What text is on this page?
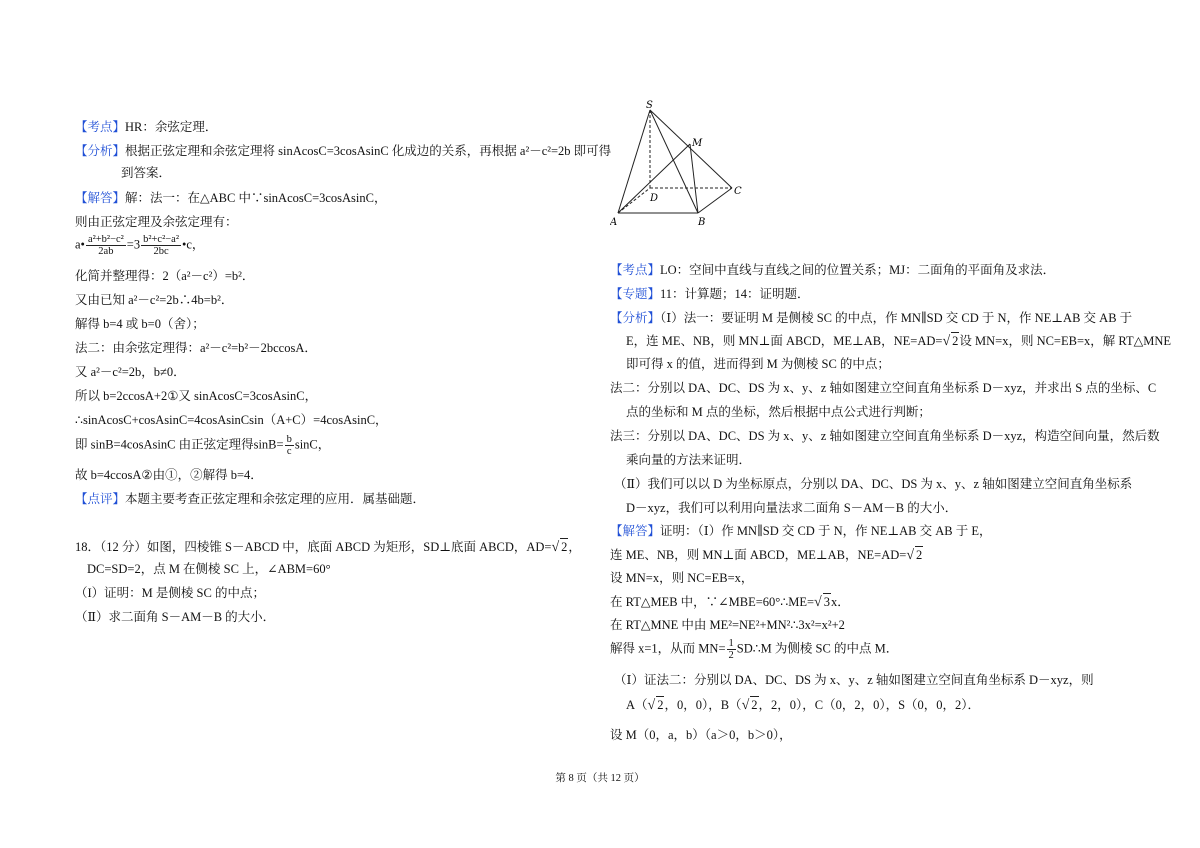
【考点】HR：余弦定理．
【分析】根据正弦定理和余弦定理将 sinAcosC=3cosAsinC 化成边的关系，再根据 a²－c²=2b 即可得
到答案．
【解答】解：法一：在△ABC 中∵sinAcosC=3cosAsinC，
则由正弦定理及余弦定理有：
a• $\frac{\text{a²+b²−c²}}{2ab} =3 \frac{\text{b²+c²−a²}}{2bc}$ •c，
化简并整理得：2（a²－c²）=b²．
又由已知 a²－c²=2b∴4b=b²．
解得 b=4 或 b=0（舍）；
法二：由余弦定理得：a²－c²=b²－2bccosA．
又 a²－c²=2b，b≠0．
所以 b=2ccosA+2①又 sinAcosC=3cosAsinC，
∴sinAcosC+cosAsinC=4cosAsinCsin（A+C）=4cosAsinC，
即 sinB=4cosAsinC 由正弦定理得$\sin B= \frac{b}{c}$ sinC，
故 b=4ccosA②由①，②解得 b=4．
【点评】本题主要考查正弦定理和余弦定理的应用．属基础题．
18．（12 分）如图，四棱锥 S－ABCD 中，底面 ABCD 为矩形，SD⊥底面 ABCD，AD=√ 2，
DC=SD=2，点 M 在侧棱 SC 上，∠ABM=60°
（I）证明：M 是侧棱 SC 的中点；
（Ⅱ）求二面角 S－AM－B 的大小．
S
M
D
C
A	B
【考点】LO：空间中直线与直线之间的位置关系；MJ：二面角的平面角及求法．
【专题】11：计算题；14：证明题．
【分析】（Ⅰ）法一：要证明 M 是侧棱 SC 的中点，作 MN∥SD 交 CD 于 N，作 NE⊥AB 交 AB 于
E，连 ME、NB，则 MN⊥面 ABCD，ME⊥AB，NE=AD=√ 2设 MN=x，则 NC=EB=x，解 RT△MNE
即可得 x 的值，进而得到 M 为侧棱 SC 的中点；
法二：分别以 DA、DC、DS 为 x、y、z 轴如图建立空间直角坐标系 D－xyz，并求出 S 点的坐标、C
点的坐标和 M 点的坐标，然后根据中点公式进行判断；
法三：分别以 DA、DC、DS 为 x、y、z 轴如图建立空间直角坐标系 D－xyz，构造空间向量，然后数
乘向量的方法来证明．
（Ⅱ）我们可以以 D 为坐标原点，分别以 DA、DC、DS 为 x、y、z 轴如图建立空间直角坐标系
D－xyz，我们可以利用向量法求二面角 S－AM－B 的大小．
【解答】证明：（Ⅰ）作 MN∥SD 交 CD 于 N，作 NE⊥AB 交 AB 于 E，
连 ME、NB，则 MN⊥面 ABCD，ME⊥AB，NE=AD=√ 2
设 MN=x，则 NC=EB=x，
在 RT△MEB 中，∵∠MBE=60°∴ME=√ 3x．
在 RT△MNE 中由 ME²=NE²+MN²∴3x²=x²+2
解得 x=1，从而 $MN= \frac{1}{2}$ SD∴M 为侧棱 SC 的中点 M．
（Ⅰ）证法二：分别以 DA、DC、DS 为 x、y、z 轴如图建立空间直角坐标系 D－xyz，则
A（√ 2，0，0），B（√ 2，2，0），C（0，2，0），S（0，0，2）．
设 M（0，a，b）（a＞0，b＞0），
第 8 页（共 12 页）
